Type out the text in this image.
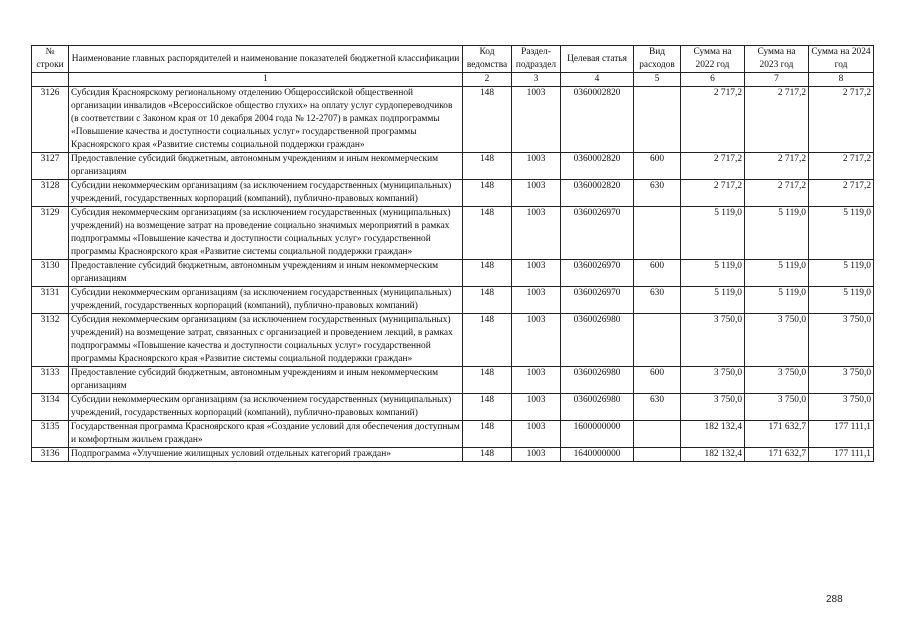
№ строки	Наименование главных распорядителей и наименование показателей бюджетной классификации	Код ведомства	Раздел-подраздел	Целевая статья	Вид расходов	Сумма на 2022 год	Сумма на 2023 год	Сумма на 2024 год
	1	2	3	4	5	6	7	8
3126	Субсидия Красноярскому региональному отделению Общероссийской общественной организации инвалидов «Всероссийское общество глухих» на оплату услуг сурдопереводчиков (в соответствии с Законом края от 10 декабря 2004 года № 12-2707) в рамках подпрограммы «Повышение качества и доступности социальных услуг» государственной программы Красноярского края «Развитие системы социальной поддержки граждан»	148	1003	0360002820		2 717,2	2 717,2	2 717,2
3127	Предоставление субсидий бюджетным, автономным учреждениям и иным некоммерческим организациям	148	1003	0360002820	600	2 717,2	2 717,2	2 717,2
3128	Субсидии некоммерческим организациям (за исключением государственных (муниципальных) учреждений, государственных корпораций (компаний), публично-правовых компаний)	148	1003	0360002820	630	2 717,2	2 717,2	2 717,2
3129	Субсидия некоммерческим организациям (за исключением государственных (муниципальных) учреждений) на возмещение затрат на проведение социально значимых мероприятий в рамках подпрограммы «Повышение качества и доступности социальных услуг» государственной программы Красноярского края «Развитие системы социальной поддержки граждан»	148	1003	0360026970		5 119,0	5 119,0	5 119,0
3130	Предоставление субсидий бюджетным, автономным учреждениям и иным некоммерческим организациям	148	1003	0360026970	600	5 119,0	5 119,0	5 119,0
3131	Субсидии некоммерческим организациям (за исключением государственных (муниципальных) учреждений, государственных корпораций (компаний), публично-правовых компаний)	148	1003	0360026970	630	5 119,0	5 119,0	5 119,0
3132	Субсидия некоммерческим организациям (за исключением государственных (муниципальных) учреждений) на возмещение затрат, связанных с организацией и проведением лекций, в рамках подпрограммы «Повышение качества и доступности социальных услуг» государственной программы Красноярского края «Развитие системы социальной поддержки граждан»	148	1003	0360026980		3 750,0	3 750,0	3 750,0
3133	Предоставление субсидий бюджетным, автономным учреждениям и иным некоммерческим организациям	148	1003	0360026980	600	3 750,0	3 750,0	3 750,0
3134	Субсидии некоммерческим организациям (за исключением государственных (муниципальных) учреждений, государственных корпораций (компаний), публично-правовых компаний)	148	1003	0360026980	630	3 750,0	3 750,0	3 750,0
3135	Государственная программа Красноярского края «Создание условий для обеспечения доступным и комфортным жильем граждан»	148	1003	1600000000		182 132,4	171 632,7	177 111,1
3136	Подпрограмма «Улучшение жилищных условий отдельных категорий граждан»	148	1003	1640000000		182 132,4	171 632,7	177 111,1
288
